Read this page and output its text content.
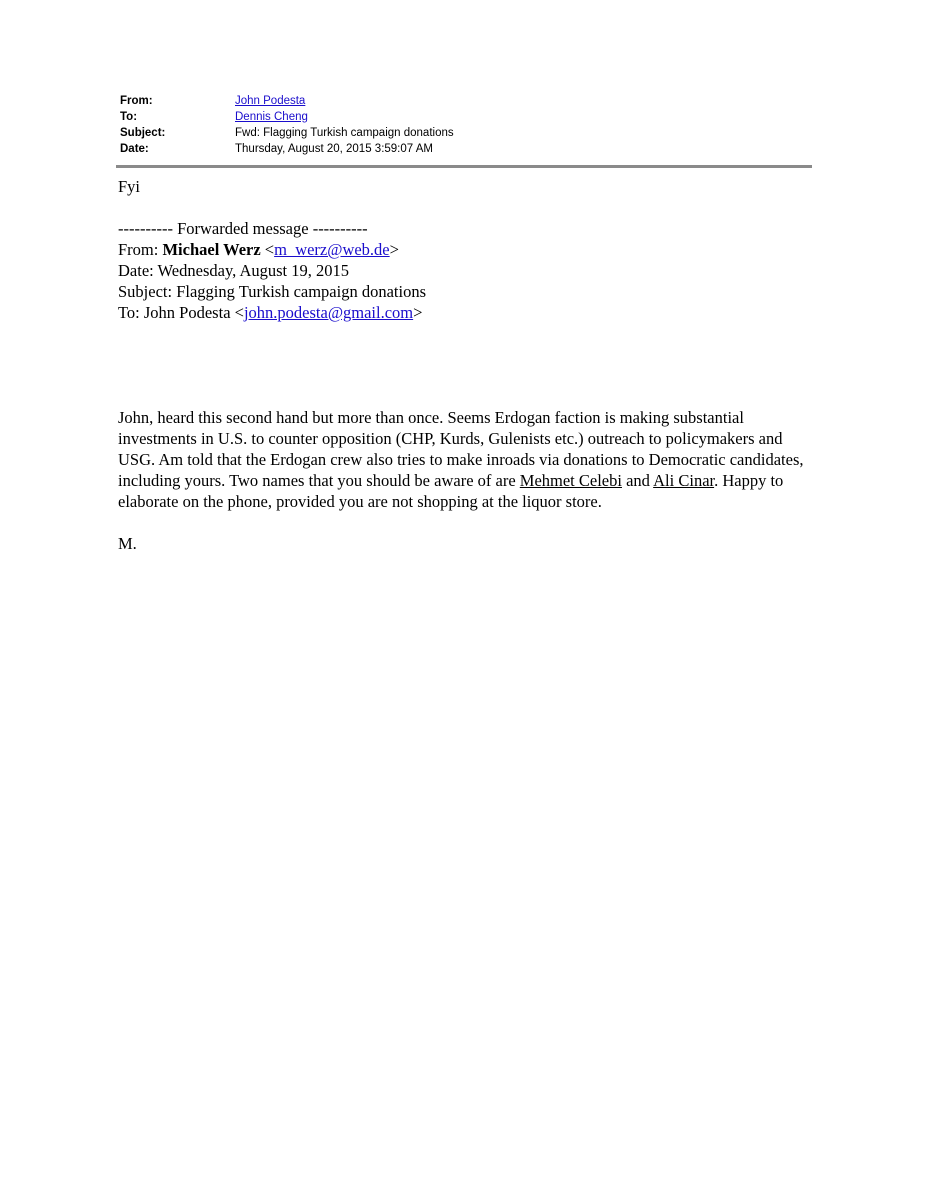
From:	John Podesta
To:	Dennis Cheng
Subject:	Fwd: Flagging Turkish campaign donations
Date:	Thursday, August 20, 2015 3:59:07 AM

Fyi

---------- Forwarded message ----------

From: Michael Werz <m_werz@web.de>

Date: Wednesday, August 19, 2015

Subject: Flagging Turkish campaign donations

To: John Podesta <john.podesta@gmail.com>

John, heard this second hand but more than once. Seems Erdogan faction is making substantial investments in U.S. to counter opposition (CHP, Kurds, Gulenists etc.) outreach to policymakers and USG. Am told that the Erdogan crew also tries to make inroads via donations to Democratic candidates, including yours. Two names that you should be aware of are Mehmet Celebi and Ali Cinar. Happy to elaborate on the phone, provided you are not shopping at the liquor store.

M.
